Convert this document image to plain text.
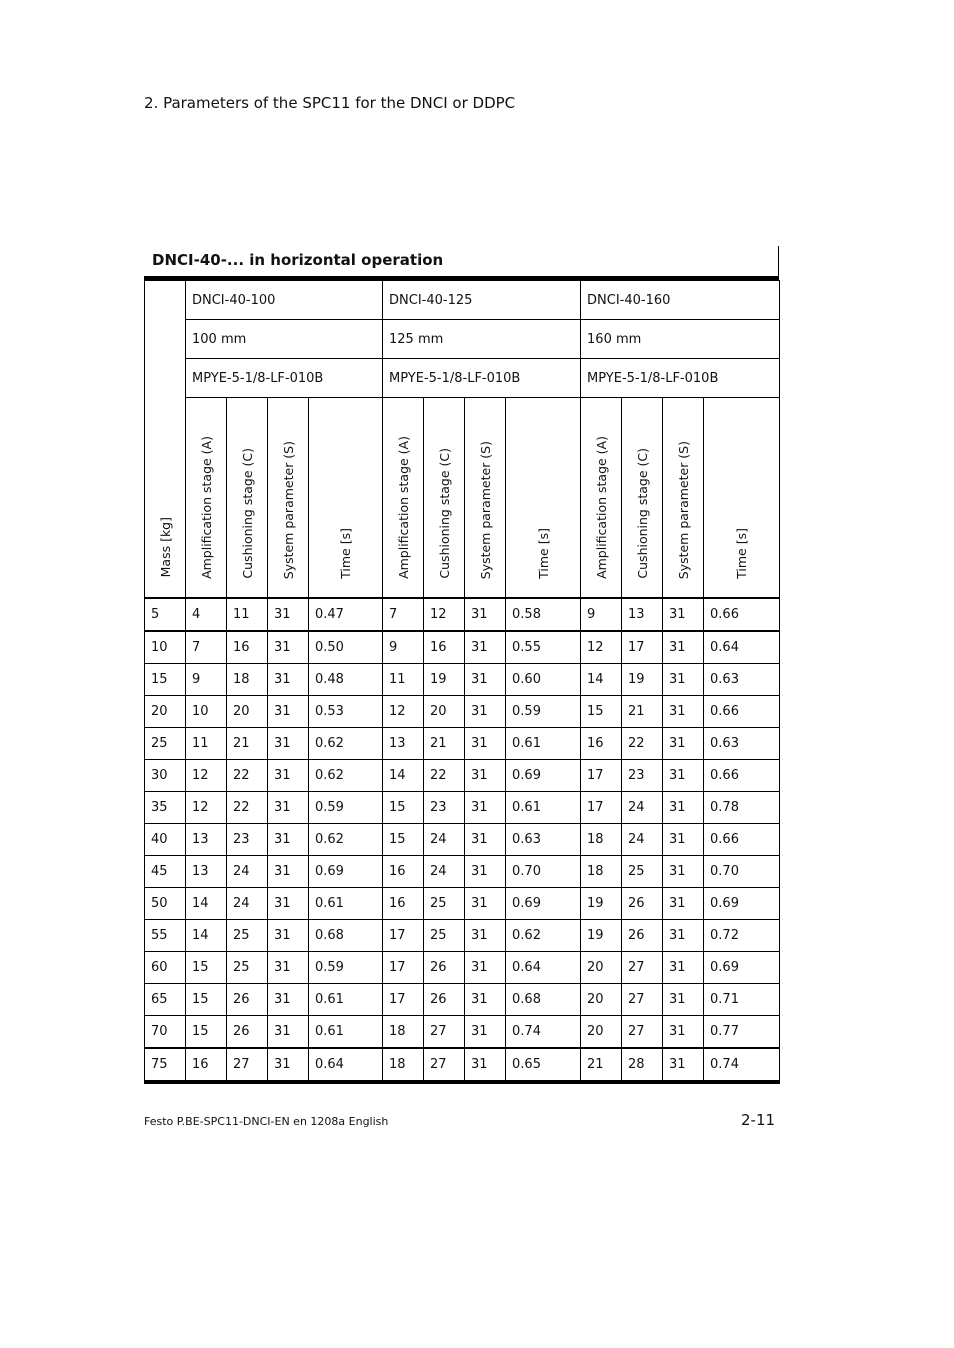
2. Parameters of the SPC11 for the DNCI or DDPC
DNCI-40-... in horizontal operation
Mass [kg]	DNCI-40-100				DNCI-40-125				DNCI-40-160			
	100 mm				125 mm				160 mm			
	MPYE-5-1/8-LF-010B				MPYE-5-1/8-LF-010B				MPYE-5-1/8-LF-010B			
	Amplification stage (A)	Cushioning stage (C)	System parameter (S)	Time [s]	Amplification stage (A)	Cushioning stage (C)	System parameter (S)	Time [s]	Amplification stage (A)	Cushioning stage (C)	System parameter (S)	Time [s]
5	4	11	31	0.47	7	12	31	0.58	9	13	31	0.66
10	7	16	31	0.50	9	16	31	0.55	12	17	31	0.64
15	9	18	31	0.48	11	19	31	0.60	14	19	31	0.63
20	10	20	31	0.53	12	20	31	0.59	15	21	31	0.66
25	11	21	31	0.62	13	21	31	0.61	16	22	31	0.63
30	12	22	31	0.62	14	22	31	0.69	17	23	31	0.66
35	12	22	31	0.59	15	23	31	0.61	17	24	31	0.78
40	13	23	31	0.62	15	24	31	0.63	18	24	31	0.66
45	13	24	31	0.69	16	24	31	0.70	18	25	31	0.70
50	14	24	31	0.61	16	25	31	0.69	19	26	31	0.69
55	14	25	31	0.68	17	25	31	0.62	19	26	31	0.72
60	15	25	31	0.59	17	26	31	0.64	20	27	31	0.69
65	15	26	31	0.61	17	26	31	0.68	20	27	31	0.71
70	15	26	31	0.61	18	27	31	0.74	20	27	31	0.77
75	16	27	31	0.64	18	27	31	0.65	21	28	31	0.74
Festo P.BE-SPC11-DNCI-EN en 1208a English	2-11
